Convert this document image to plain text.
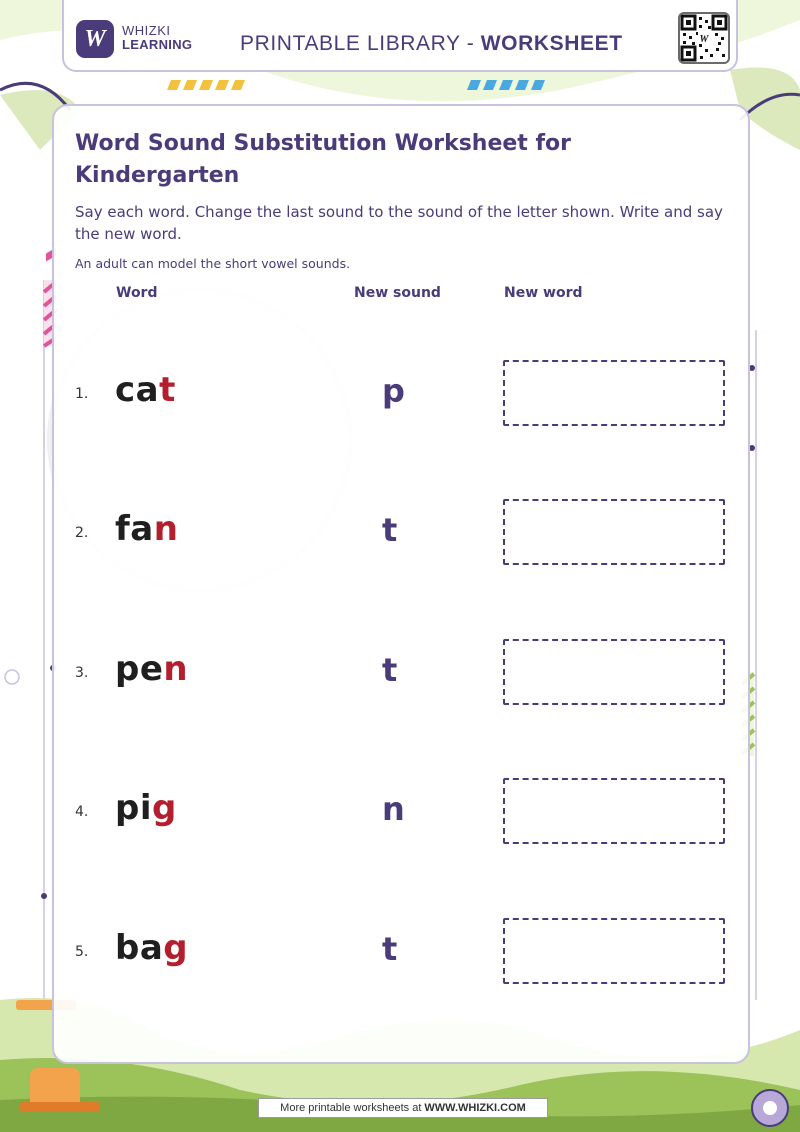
W WHIZKI
LEARNING PRINTABLE LIBRARY - WORKSHEET	W
Word Sound Substitution Worksheet for Kindergarten

Say each word. Change the last sound to the sound of the letter shown. Write and say the new word.

An adult can model the short vowel sounds.

Word	New sound	New word
1. cat	p
2. fan	t
3. pen	t
4. pig	n
5. bag	t
More printable worksheets at WWW.WHIZKI.COM
